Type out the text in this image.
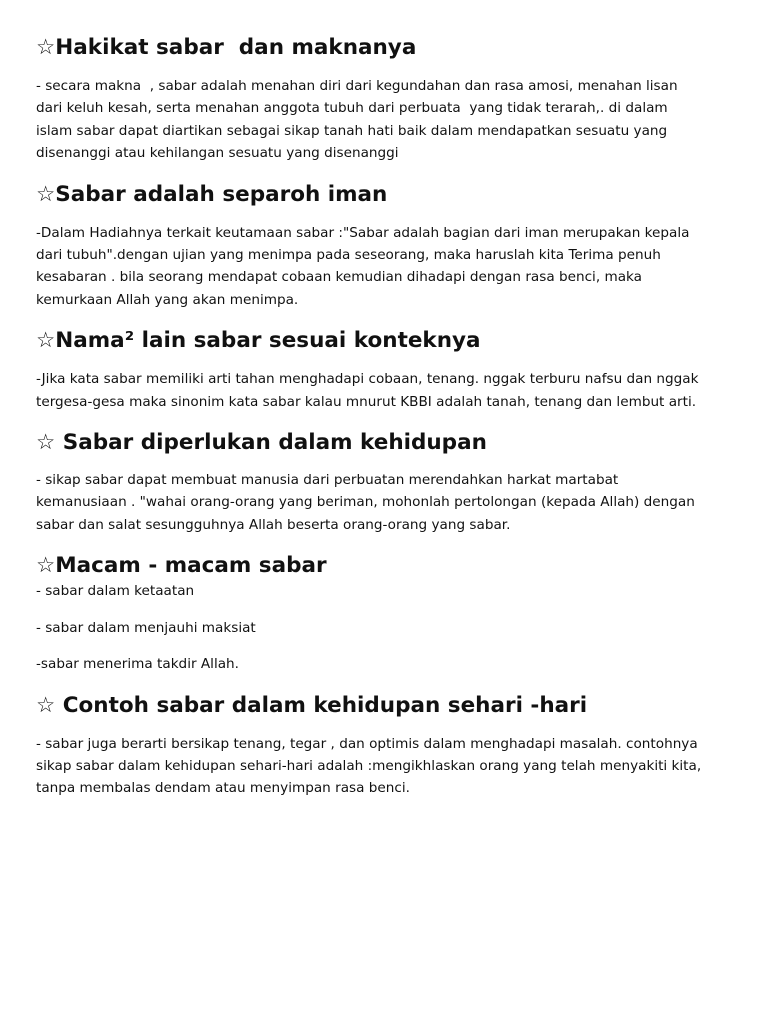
☆Hakikat sabar  dan maknanya

- secara makna  , sabar adalah menahan diri dari kegundahan dan rasa amosi, menahan lisan
dari keluh kesah, serta menahan anggota tubuh dari perbuata  yang tidak terarah,. di dalam
islam sabar dapat diartikan sebagai sikap tanah hati baik dalam mendapatkan sesuatu yang
disenanggi atau kehilangan sesuatu yang disenanggi

☆Sabar adalah separoh iman

-Dalam Hadiahnya terkait keutamaan sabar :"Sabar adalah bagian dari iman merupakan kepala
dari tubuh".dengan ujian yang menimpa pada seseorang, maka haruslah kita Terima penuh
kesabaran . bila seorang mendapat cobaan kemudian dihadapi dengan rasa benci, maka
kemurkaan Allah yang akan menimpa.

☆Nama² lain sabar sesuai konteknya

-Jika kata sabar memiliki arti tahan menghadapi cobaan, tenang. nggak terburu nafsu dan nggak
tergesa-gesa maka sinonim kata sabar kalau mnurut KBBI adalah tanah, tenang dan lembut arti.

☆ Sabar diperlukan dalam kehidupan

- sikap sabar dapat membuat manusia dari perbuatan merendahkan harkat martabat
kemanusiaan . "wahai orang-orang yang beriman, mohonlah pertolongan (kepada Allah) dengan
sabar dan salat sesungguhnya Allah beserta orang-orang yang sabar.

☆Macam - macam sabar

- sabar dalam ketaatan

- sabar dalam menjauhi maksiat

-sabar menerima takdir Allah.

☆ Contoh sabar dalam kehidupan sehari -hari

- sabar juga berarti bersikap tenang, tegar , dan optimis dalam menghadapi masalah. contohnya
sikap sabar dalam kehidupan sehari-hari adalah :mengikhlaskan orang yang telah menyakiti kita,
tanpa membalas dendam atau menyimpan rasa benci.
